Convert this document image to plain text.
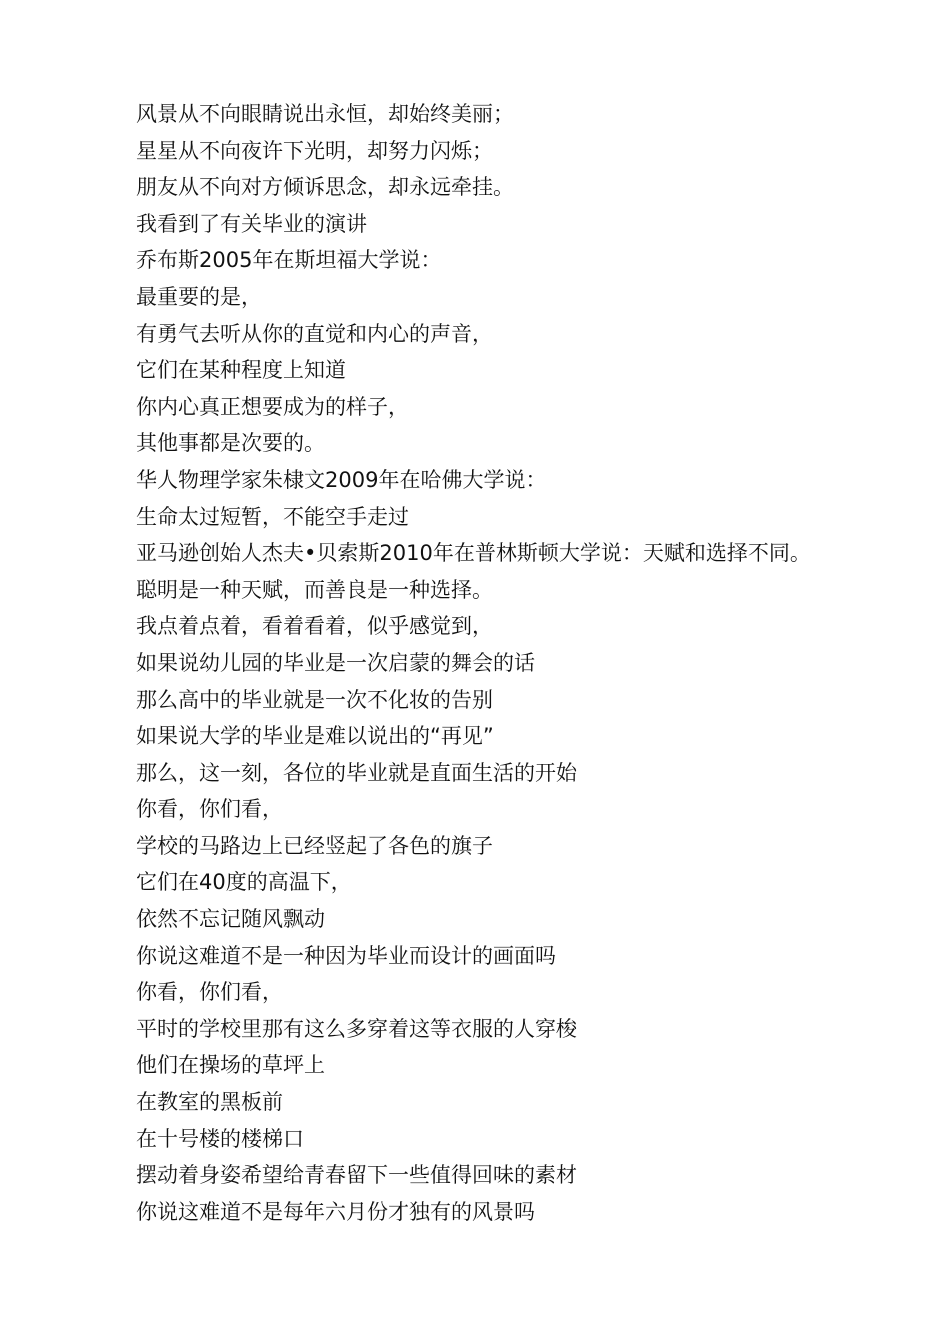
风景从不向眼睛说出永恒，却始终美丽；
星星从不向夜许下光明，却努力闪烁；
朋友从不向对方倾诉思念，却永远牵挂。
我看到了有关毕业的演讲
乔布斯2005年在斯坦福大学说：
最重要的是，
有勇气去听从你的直觉和内心的声音，
它们在某种程度上知道
你内心真正想要成为的样子，
其他事都是次要的。
华人物理学家朱棣文2009年在哈佛大学说：
生命太过短暂，不能空手走过
亚马逊创始人杰夫•贝索斯2010年在普林斯顿大学说：天赋和选择不同。
聪明是一种天赋，而善良是一种选择。
我点着点着，看着看着，似乎感觉到，
如果说幼儿园的毕业是一次启蒙的舞会的话
那么高中的毕业就是一次不化妆的告别
如果说大学的毕业是难以说出的“再见”
那么，这一刻，各位的毕业就是直面生活的开始
你看，你们看，
学校的马路边上已经竖起了各色的旗子
它们在40度的高温下，
依然不忘记随风飘动
你说这难道不是一种因为毕业而设计的画面吗
你看，你们看，
平时的学校里那有这么多穿着这等衣服的人穿梭
他们在操场的草坪上
在教室的黑板前
在十号楼的楼梯口
摆动着身姿希望给青春留下一些值得回味的素材
你说这难道不是每年六月份才独有的风景吗
